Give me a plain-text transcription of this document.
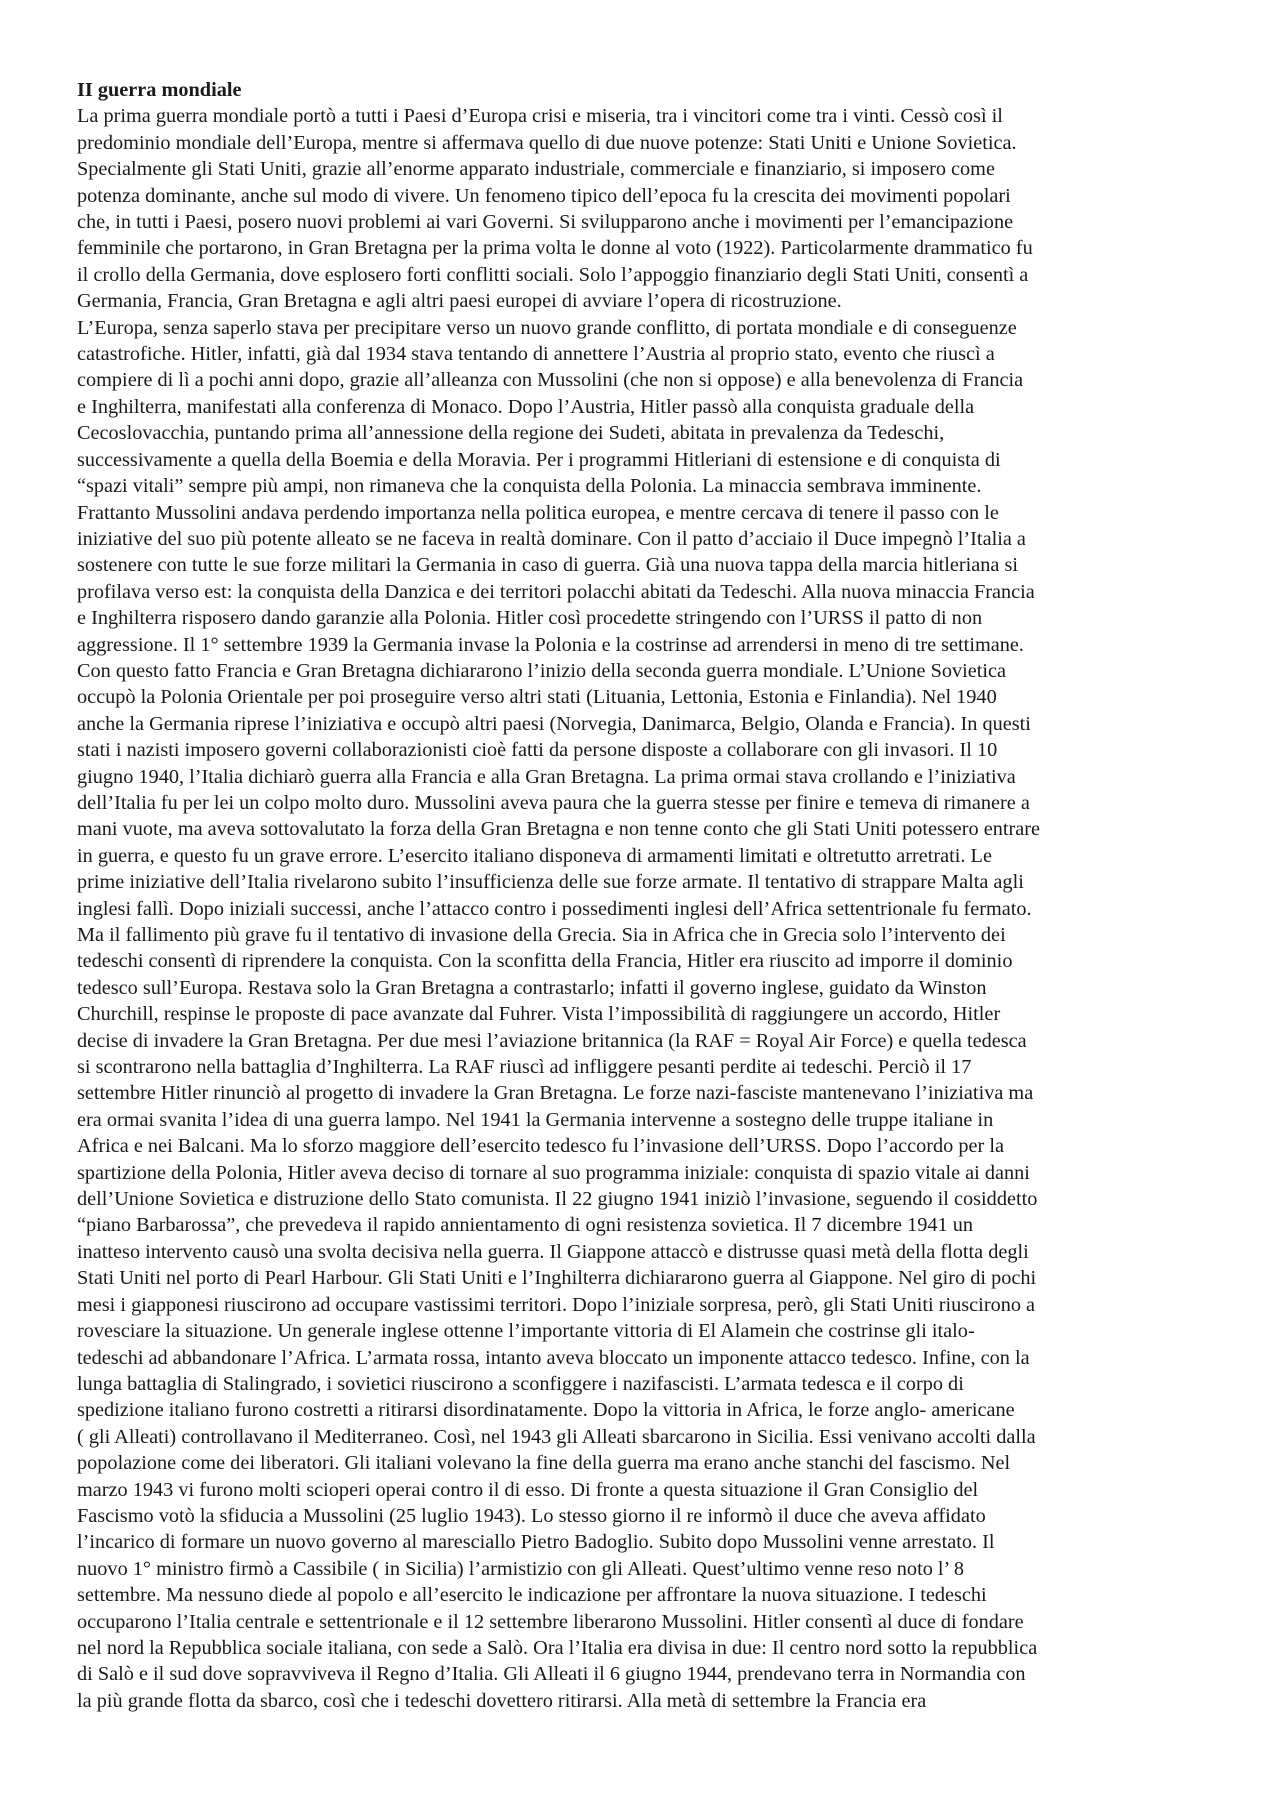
II guerra mondiale
La prima guerra mondiale portò a tutti i Paesi d’Europa crisi e miseria, tra i vincitori come tra i vinti. Cessò così il
predominio mondiale dell’Europa, mentre si affermava quello di due nuove potenze: Stati Uniti e Unione Sovietica.
Specialmente gli Stati Uniti, grazie all’enorme apparato industriale, commerciale e finanziario, si imposero come
potenza dominante, anche sul modo di vivere. Un fenomeno tipico dell’epoca fu la crescita dei movimenti popolari
che, in tutti i Paesi, posero nuovi problemi ai vari Governi. Si svilupparono anche i movimenti per l’emancipazione
femminile che portarono, in Gran Bretagna per la prima volta le donne al voto (1922). Particolarmente drammatico fu
il crollo della Germania, dove esplosero forti conflitti sociali. Solo l’appoggio finanziario degli Stati Uniti, consentì a
Germania, Francia, Gran Bretagna e agli altri paesi europei di avviare l’opera di ricostruzione.
L’Europa, senza saperlo stava per precipitare verso un nuovo grande conflitto, di portata mondiale e di conseguenze
catastrofiche. Hitler, infatti, già dal 1934 stava tentando di annettere l’Austria al proprio stato, evento che riuscì a
compiere di lì a pochi anni dopo, grazie all’alleanza con Mussolini (che non si oppose) e alla benevolenza di Francia
e Inghilterra, manifestati alla conferenza di Monaco. Dopo l’Austria, Hitler passò alla conquista graduale della
Cecoslovacchia, puntando prima all’annessione della regione dei Sudeti, abitata in prevalenza da Tedeschi,
successivamente a quella della Boemia e della Moravia. Per i programmi Hitleriani di estensione e di conquista di
“spazi vitali” sempre più ampi, non rimaneva che la conquista della Polonia. La minaccia sembrava imminente.
Frattanto Mussolini andava perdendo importanza nella politica europea, e mentre cercava di tenere il passo con le
iniziative del suo più potente alleato se ne faceva in realtà dominare. Con il patto d’acciaio il Duce impegnò l’Italia a
sostenere con tutte le sue forze militari la Germania in caso di guerra. Già una nuova tappa della marcia hitleriana si
profilava verso est: la conquista della Danzica e dei territori polacchi abitati da Tedeschi. Alla nuova minaccia Francia
e Inghilterra risposero dando garanzie alla Polonia. Hitler così procedette stringendo con l’URSS il patto di non
aggressione. Il 1° settembre 1939 la Germania invase la Polonia e la costrinse ad arrendersi in meno di tre settimane.
Con questo fatto Francia e Gran Bretagna dichiararono l’inizio della seconda guerra mondiale. L’Unione Sovietica
occupò la Polonia Orientale per poi proseguire verso altri stati (Lituania, Lettonia, Estonia e Finlandia). Nel 1940
anche la Germania riprese l’iniziativa e occupò altri paesi (Norvegia, Danimarca, Belgio, Olanda e Francia). In questi
stati i nazisti imposero governi collaborazionisti cioè fatti da persone disposte a collaborare con gli invasori. Il 10
giugno 1940, l’Italia dichiarò guerra alla Francia e alla Gran Bretagna. La prima ormai stava crollando e l’iniziativa
dell’Italia fu per lei un colpo molto duro. Mussolini aveva paura che la guerra stesse per finire e temeva di rimanere a
mani vuote, ma aveva sottovalutato la forza della Gran Bretagna e non tenne conto che gli Stati Uniti potessero entrare
in guerra, e questo fu un grave errore. L’esercito italiano disponeva di armamenti limitati e oltretutto arretrati. Le
prime iniziative dell’Italia rivelarono subito l’insufficienza delle sue forze armate. Il tentativo di strappare Malta agli
inglesi fallì. Dopo iniziali successi, anche l’attacco contro i possedimenti inglesi dell’Africa settentrionale fu fermato.
Ma il fallimento più grave fu il tentativo di invasione della Grecia. Sia in Africa che in Grecia solo l’intervento dei
tedeschi consentì di riprendere la conquista. Con la sconfitta della Francia, Hitler era riuscito ad imporre il dominio
tedesco sull’Europa. Restava solo la Gran Bretagna a contrastarlo; infatti il governo inglese, guidato da Winston
Churchill, respinse le proposte di pace avanzate dal Fuhrer. Vista l’impossibilità di raggiungere un accordo, Hitler
decise di invadere la Gran Bretagna. Per due mesi l’aviazione britannica (la RAF = Royal Air Force) e quella tedesca
si scontrarono nella battaglia d’Inghilterra. La RAF riuscì ad infliggere pesanti perdite ai tedeschi. Perciò il 17
settembre Hitler rinunciò al progetto di invadere la Gran Bretagna. Le forze nazi-fasciste mantenevano l’iniziativa ma
era ormai svanita l’idea di una guerra lampo. Nel 1941 la Germania intervenne a sostegno delle truppe italiane in
Africa e nei Balcani. Ma lo sforzo maggiore dell’esercito tedesco fu l’invasione dell’URSS. Dopo l’accordo per la
spartizione della Polonia, Hitler aveva deciso di tornare al suo programma iniziale: conquista di spazio vitale ai danni
dell’Unione Sovietica e distruzione dello Stato comunista. Il 22 giugno 1941 iniziò l’invasione, seguendo il cosiddetto
“piano Barbarossa”, che prevedeva il rapido annientamento di ogni resistenza sovietica. Il 7 dicembre 1941 un
inatteso intervento causò una svolta decisiva nella guerra. Il Giappone attaccò e distrusse quasi metà della flotta degli
Stati Uniti nel porto di Pearl Harbour. Gli Stati Uniti e l’Inghilterra dichiararono guerra al Giappone. Nel giro di pochi
mesi i giapponesi riuscirono ad occupare vastissimi territori. Dopo l’iniziale sorpresa, però, gli Stati Uniti riuscirono a
rovesciare la situazione. Un generale inglese ottenne l’importante vittoria di El Alamein che costrinse gli italo-
tedeschi ad abbandonare l’Africa. L’armata rossa, intanto aveva bloccato un imponente attacco tedesco. Infine, con la
lunga battaglia di Stalingrado, i sovietici riuscirono a sconfiggere i nazifascisti. L’armata tedesca e il corpo di
spedizione italiano furono costretti a ritirarsi disordinatamente. Dopo la vittoria in Africa, le forze anglo- americane
( gli Alleati) controllavano il Mediterraneo. Così, nel 1943 gli Alleati sbarcarono in Sicilia. Essi venivano accolti dalla
popolazione come dei liberatori. Gli italiani volevano la fine della guerra ma erano anche stanchi del fascismo. Nel
marzo 1943 vi furono molti scioperi operai contro il di esso. Di fronte a questa situazione il Gran Consiglio del
Fascismo votò la sfiducia a Mussolini (25 luglio 1943). Lo stesso giorno il re informò il duce che aveva affidato
l’incarico di formare un nuovo governo al maresciallo Pietro Badoglio. Subito dopo Mussolini venne arrestato. Il
nuovo 1° ministro firmò a Cassibile ( in Sicilia) l’armistizio con gli Alleati. Quest’ultimo venne reso noto l’ 8
settembre. Ma nessuno diede al popolo e all’esercito le indicazione per affrontare la nuova situazione. I tedeschi
occuparono l’Italia centrale e settentrionale e il 12 settembre liberarono Mussolini. Hitler consentì al duce di fondare
nel nord la Repubblica sociale italiana, con sede a Salò. Ora l’Italia era divisa in due: Il centro nord sotto la repubblica
di Salò e il sud dove sopravviveva il Regno d’Italia. Gli Alleati il 6 giugno 1944, prendevano terra in Normandia con
la più grande flotta da sbarco, così che i tedeschi dovettero ritirarsi. Alla metà di settembre la Francia era
